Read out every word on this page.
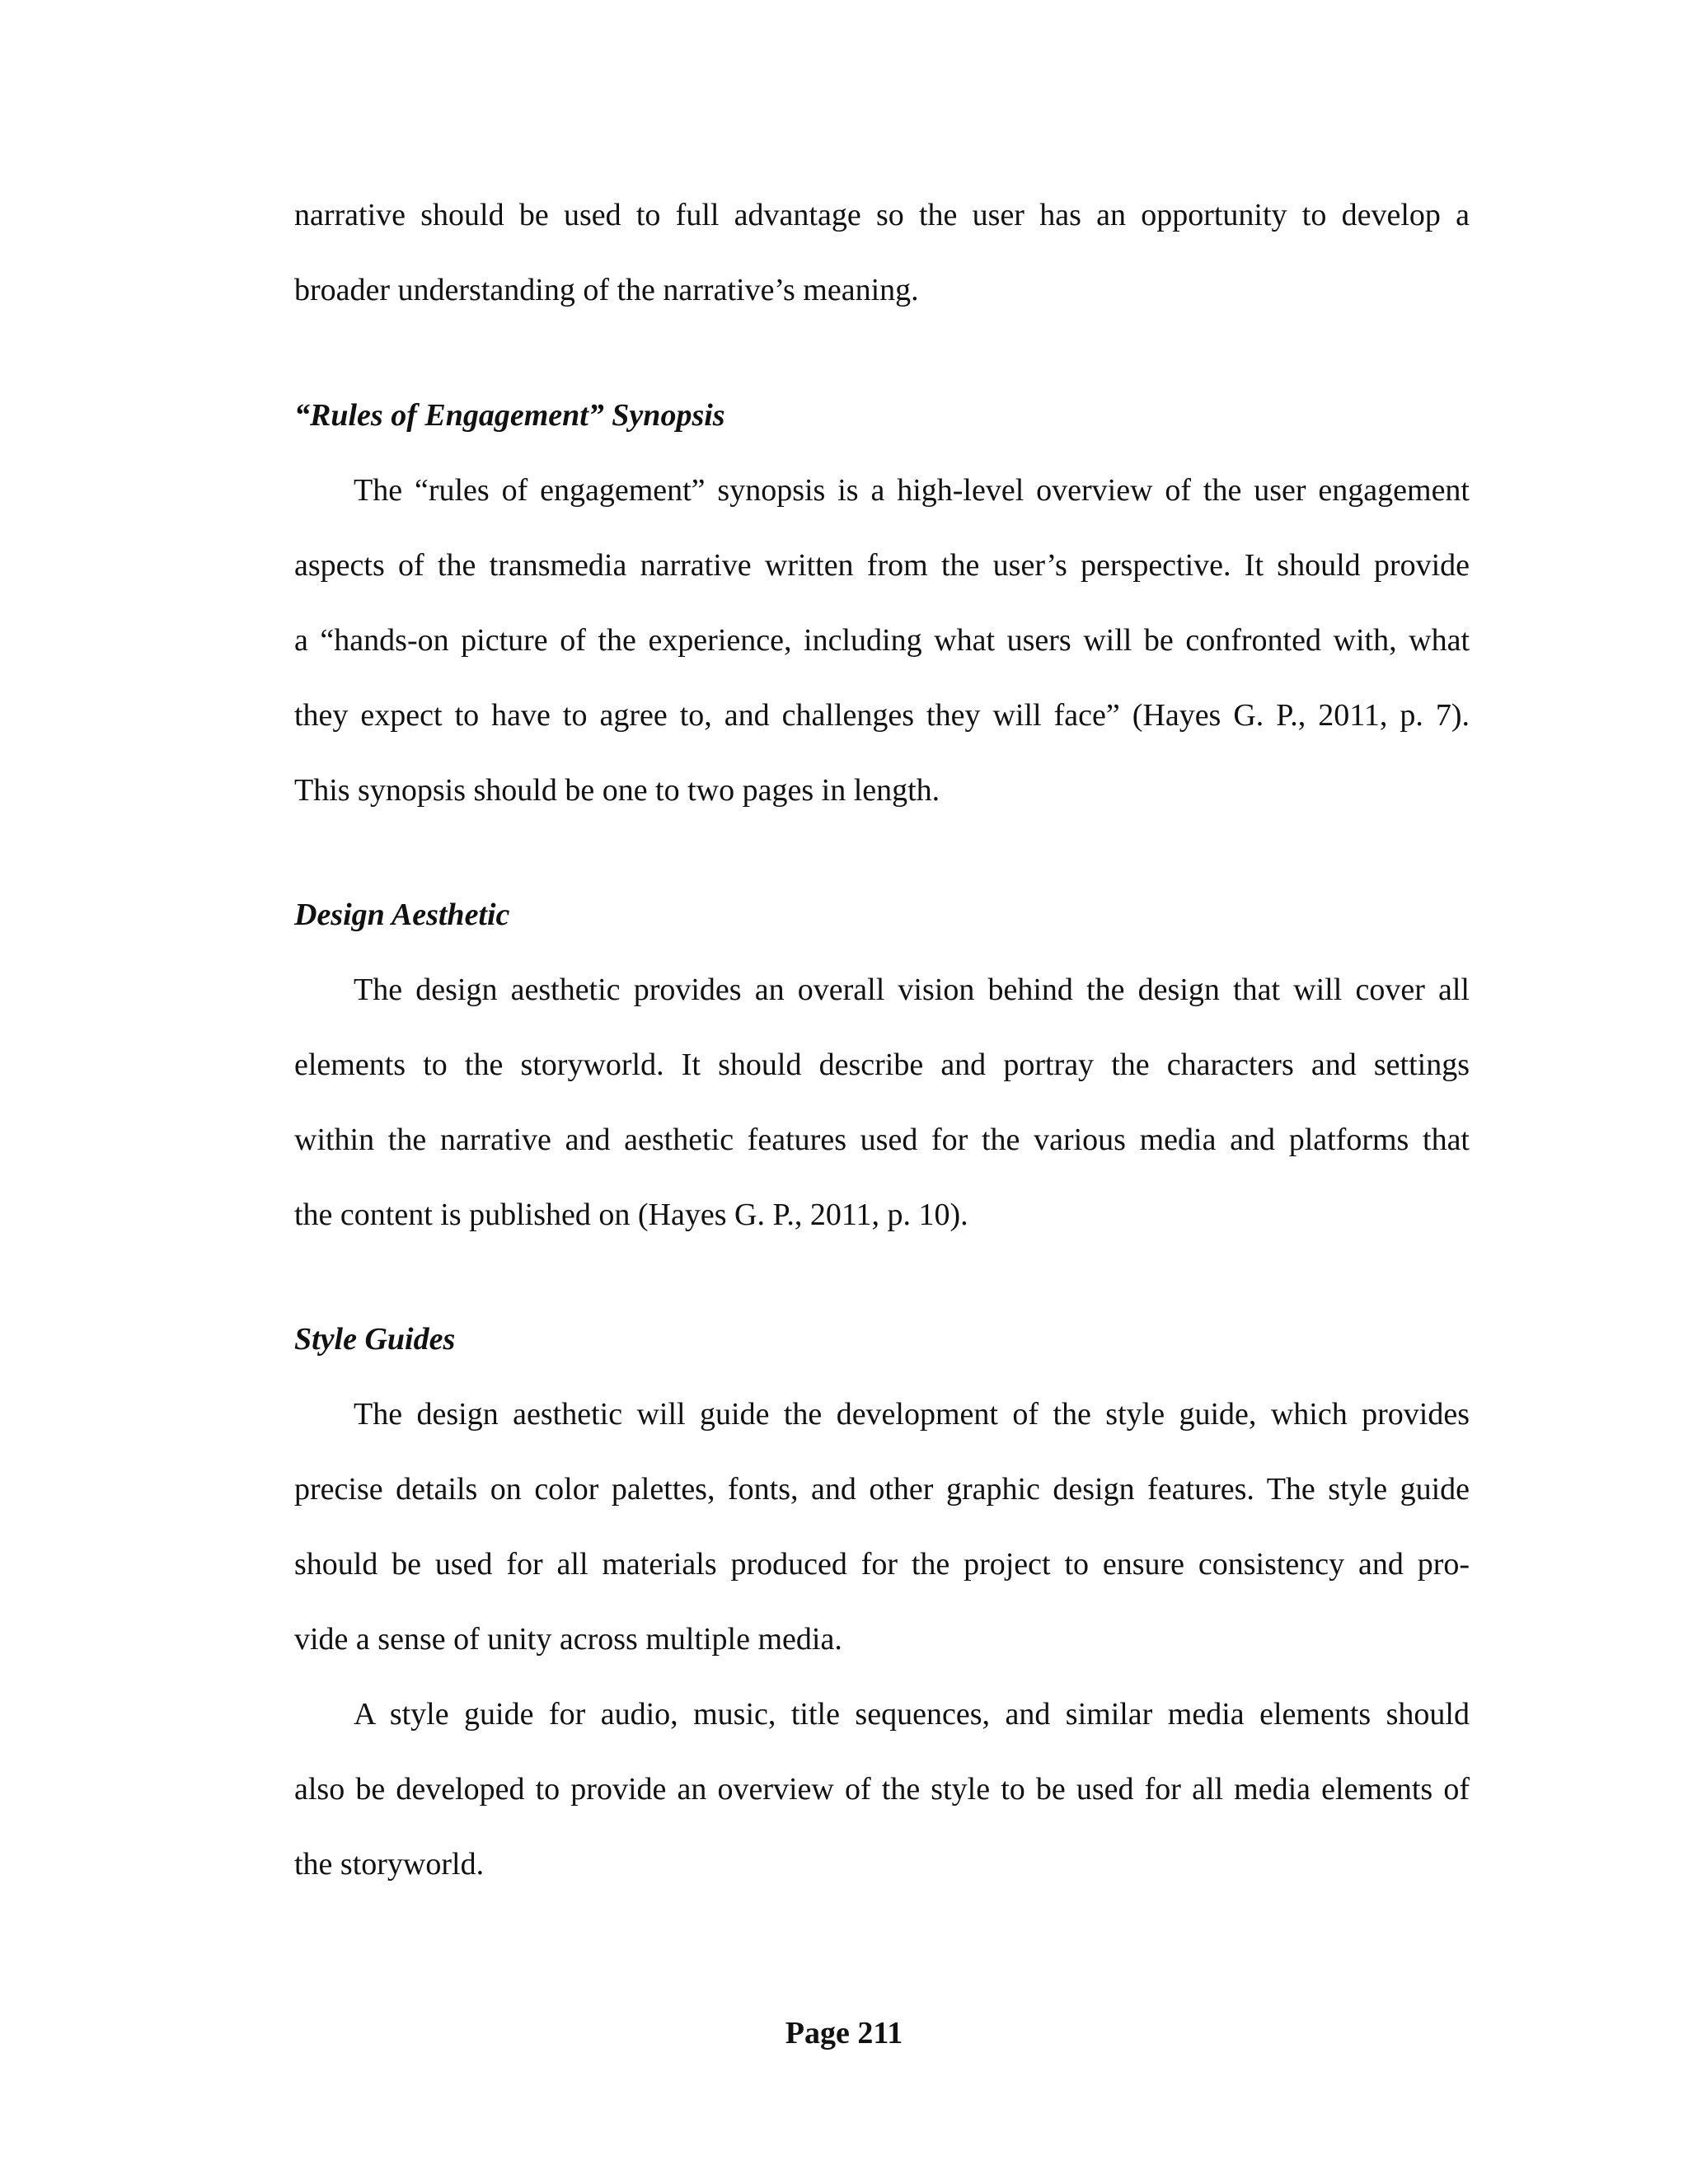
narrative should be used to full advantage so the user has an opportunity to develop a
broader understanding of the narrative’s meaning.
“Rules of Engagement” Synopsis
The “rules of engagement” synopsis is a high-level overview of the user engagement
aspects of the transmedia narrative written from the user’s perspective. It should provide
a “hands-on picture of the experience, including what users will be confronted with, what
they expect to have to agree to, and challenges they will face” (Hayes G. P., 2011, p. 7).
This synopsis should be one to two pages in length.
Design Aesthetic
The design aesthetic provides an overall vision behind the design that will cover all
elements to the storyworld. It should describe and portray the characters and settings
within the narrative and aesthetic features used for the various media and platforms that
the content is published on (Hayes G. P., 2011, p. 10).
Style Guides
The design aesthetic will guide the development of the style guide, which provides
precise details on color palettes, fonts, and other graphic design features. The style guide
should be used for all materials produced for the project to ensure consistency and pro-
vide a sense of unity across multiple media.
A style guide for audio, music, title sequences, and similar media elements should
also be developed to provide an overview of the style to be used for all media elements of
the storyworld.
Page 211
